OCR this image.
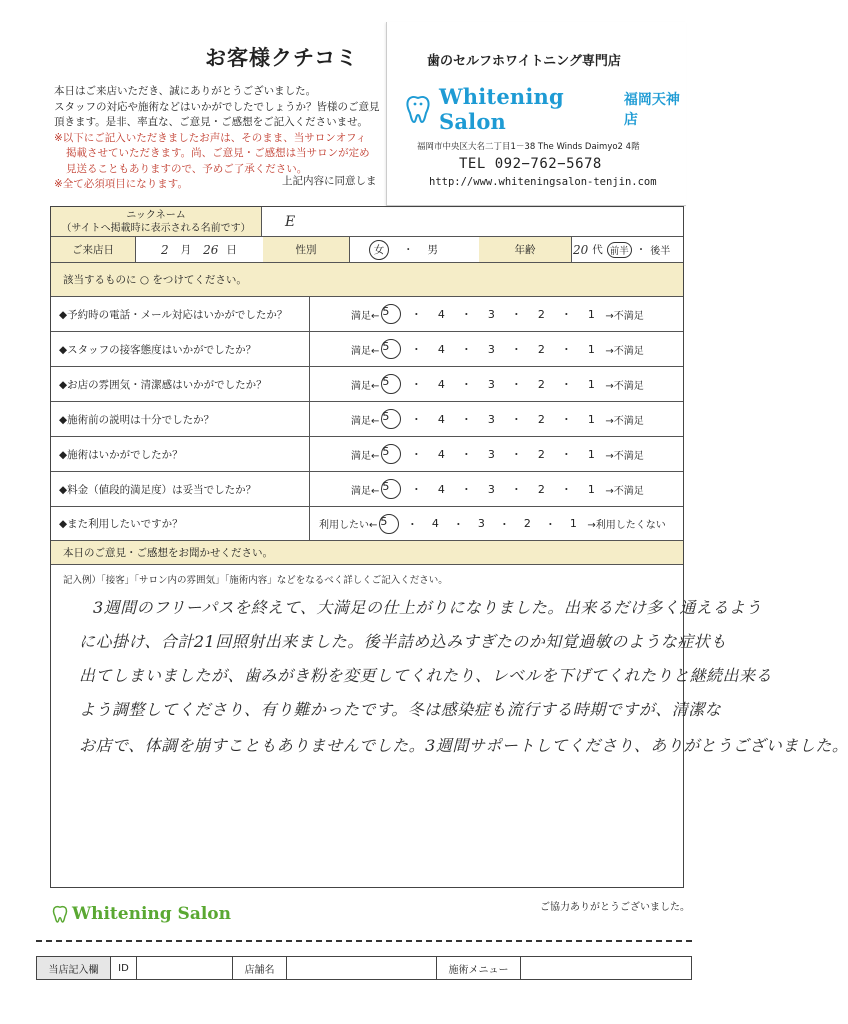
お客様クチコミ
本日はご来店いただき、誠にありがとうございました。
スタッフの対応や施術などはいかがでしたでしょうか？皆様のご意見
頂きます。是非、率直な、ご意見・ご感想をご記入くださいませ。
※以下にご記入いただきましたお声は、そのまま、当サロンオフィ
掲載させていただきます。尚、ご意見・ご感想は当サロンが定め
見送ることもありますので、予めご了承ください。
※全て必須項目になります。	上記内容に同意しま
歯のセルフホワイトニング専門店
Whitening Salon
福岡天神店
福岡市中央区大名二丁目1－38 The Winds Daimyo2 4階
TEL 092−762−5678
http://www.whiteningsalon-tenjin.com
ニックネーム
（サイトへ掲載時に表示される名前です） E
ご来店日	2 月 26 日	性別	女	・ 男	年齢	20 代 前半 ・ 後半
該当するものに ○ をつけてください。
◆予約時の電話・メール対応はいかがでしたか？	満足← 5	・	4	・	3	・	2	・	1	→不満足
◆スタッフの接客態度はいかがでしたか？	満足← 5	・	4	・	3	・	2	・	1	→不満足
◆お店の雰囲気・清潔感はいかがでしたか？	満足← 5	・	4	・	3	・	2	・	1	→不満足
◆施術前の説明は十分でしたか？	満足← 5	・	4	・	3	・	2	・	1	→不満足
◆施術はいかがでしたか？	満足← 5	・	4	・	3	・	2	・	1	→不満足
◆料金（値段的満足度）は妥当でしたか？	満足← 5	・	4	・	3	・	2	・	1	→不満足
◆また利用したいですか？	利用したい← 5	・	4	・	3	・	2	・	1	→利用したくない
本日のご意見・ご感想をお聞かせください。
記入例）「接客」「サロン内の雰囲気」「施術内容」などをなるべく詳しくご記入ください。
3週間のフリーパスを終えて、大満足の仕上がりになりました。出来るだけ多く通えるよう
に心掛け、合計21回照射出来ました。後半詰め込みすぎたのか知覚過敏のような症状も
出てしまいましたが、歯みがき粉を変更してくれたり、レベルを下げてくれたりと継続出来る
よう調整してくださり、有り難かったです。冬は感染症も流行する時期ですが、清潔な
お店で、体調を崩すこともありませんでした。3週間サポートしてくださり、ありがとうございました。
ご協力ありがとうございました。
Whitening Salon
当店記入欄	ID	店舗名	施術メニュー
